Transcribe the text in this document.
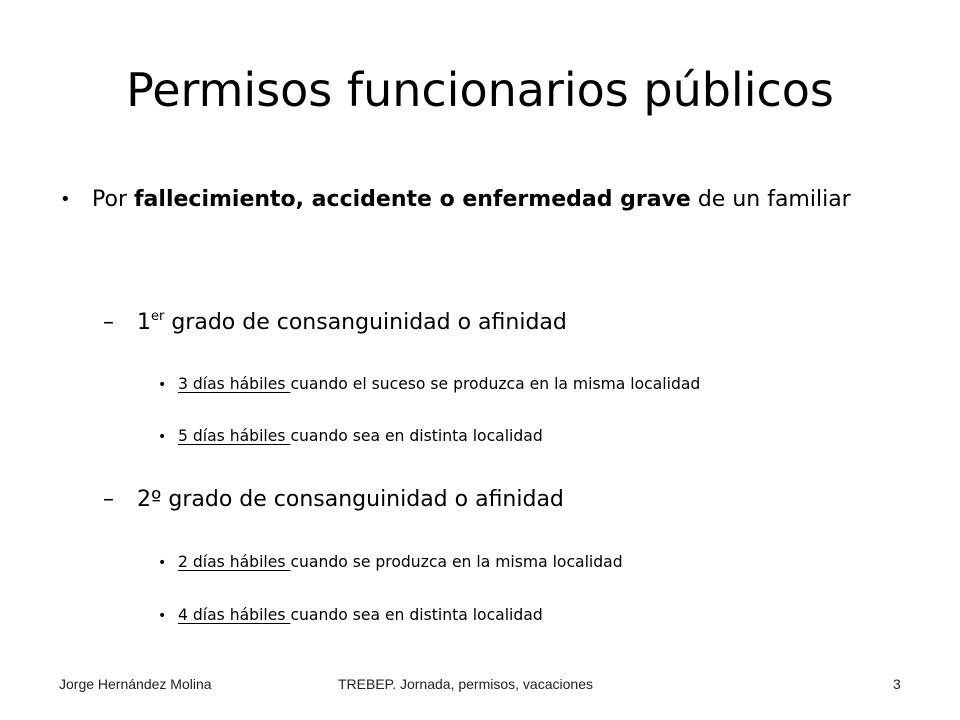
Permisos funcionarios públicos
• Por fallecimiento, accidente o enfermedad grave de un familiar
– 1er grado de consanguinidad o afinidad
• 3 días hábiles cuando el suceso se produzca en la misma localidad
• 5 días hábiles cuando sea en distinta localidad
– 2º grado de consanguinidad o afinidad
• 2 días hábiles cuando se produzca en la misma localidad
• 4 días hábiles cuando sea en distinta localidad
Jorge Hernández Molina	TREBEP. Jornada, permisos, vacaciones	3
